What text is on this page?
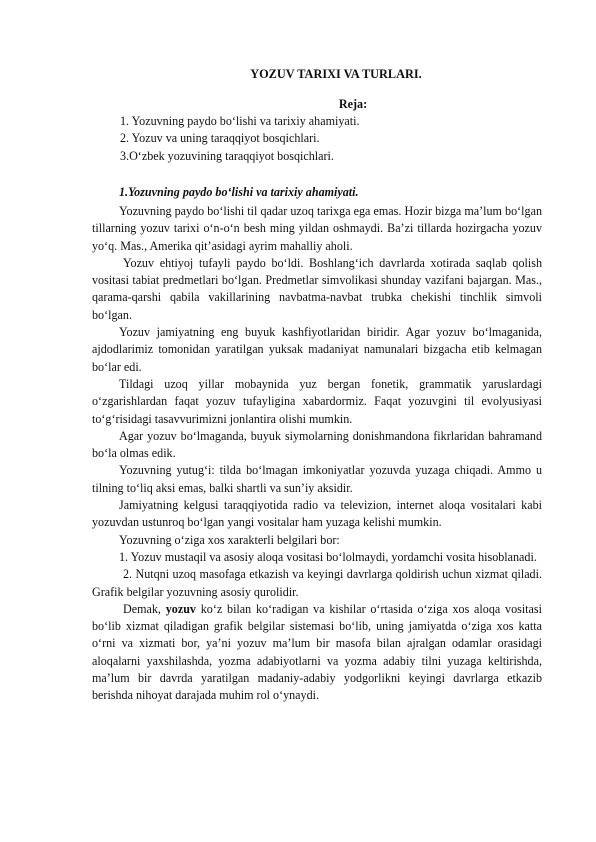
YOZUV TARIXI VA TURLARI.
Reja:
1. Yozuvning paydo boʻlishi va tarixiy ahamiyati.
2. Yozuv va uning taraqqiyot bosqichlari.
3.Oʻzbek yozuvining taraqqiyot bosqichlari.
1.Yozuvning paydo boʻlishi va tarixiy ahamiyati.

Yozuvning paydo boʻlishi til qadar uzoq tarixga ega emas. Hozir bizga maʼlum boʻlgan tillarning yozuv tarixi oʻn-oʻn besh ming yildan oshmaydi. Baʼzi tillarda hozirgacha yozuv yoʻq. Mas., Amerika qitʼasidagi ayrim mahalliy aholi.

Yozuv ehtiyoj tufayli paydo boʻldi. Boshlangʻich davrlarda xotirada saqlab qolish vositasi tabiat predmetlari boʻlgan. Predmetlar simvolikasi shunday vazifani bajargan. Mas., qarama-qarshi qabila vakillarining navbatma-navbat trubka chekishi tinchlik simvoli boʻlgan.

Yozuv jamiyatning eng buyuk kashfiyotlaridan biridir. Agar yozuv boʻlmaganida, ajdodlarimiz tomonidan yaratilgan yuksak madaniyat namunalari bizgacha etib kelmagan boʻlar edi.

Tildagi uzoq yillar mobaynida yuz bergan fonetik, grammatik yaruslardagi oʻzgarishlardan faqat yozuv tufayligina xabardormiz. Faqat yozuvgini til evolyusiyasi toʻgʻrisidagi tasavvurimizni jonlantira olishi mumkin.

Agar yozuv boʻlmaganda, buyuk siymolarning donishmandona fikrlaridan bahramand boʻla olmas edik.

Yozuvning yutugʻi: tilda boʻlmagan imkoniyatlar yozuvda yuzaga chiqadi. Ammo u tilning toʻliq aksi emas, balki shartli va sunʼiy aksidir.

Jamiyatning kelgusi taraqqiyotida radio va televizion, internet aloqa vositalari kabi yozuvdan ustunroq boʻlgan yangi vositalar ham yuzaga kelishi mumkin.

Yozuvning oʻziga xos xarakterli belgilari bor:

1. Yozuv mustaqil va asosiy aloqa vositasi boʻlolmaydi, yordamchi vosita hisoblanadi.

2. Nutqni uzoq masofaga etkazish va keyingi davrlarga qoldirish uchun xizmat qiladi. Grafik belgilar yozuvning asosiy qurolidir.

Demak, yozuv koʻz bilan koʻradigan va kishilar oʻrtasida oʻziga xos aloqa vositasi boʻlib xizmat qiladigan grafik belgilar sistemasi boʻlib, uning jamiyatda oʻziga xos katta oʻrni va xizmati bor, yaʼni yozuv maʼlum bir masofa bilan ajralgan odamlar orasidagi aloqalarni yaxshilashda, yozma adabiyotlarni va yozma adabiy tilni yuzaga keltirishda, maʼlum bir davrda yaratilgan madaniy-adabiy yodgorlikni keyingi davrlarga etkazib berishda nihoyat darajada muhim rol oʻynaydi.
